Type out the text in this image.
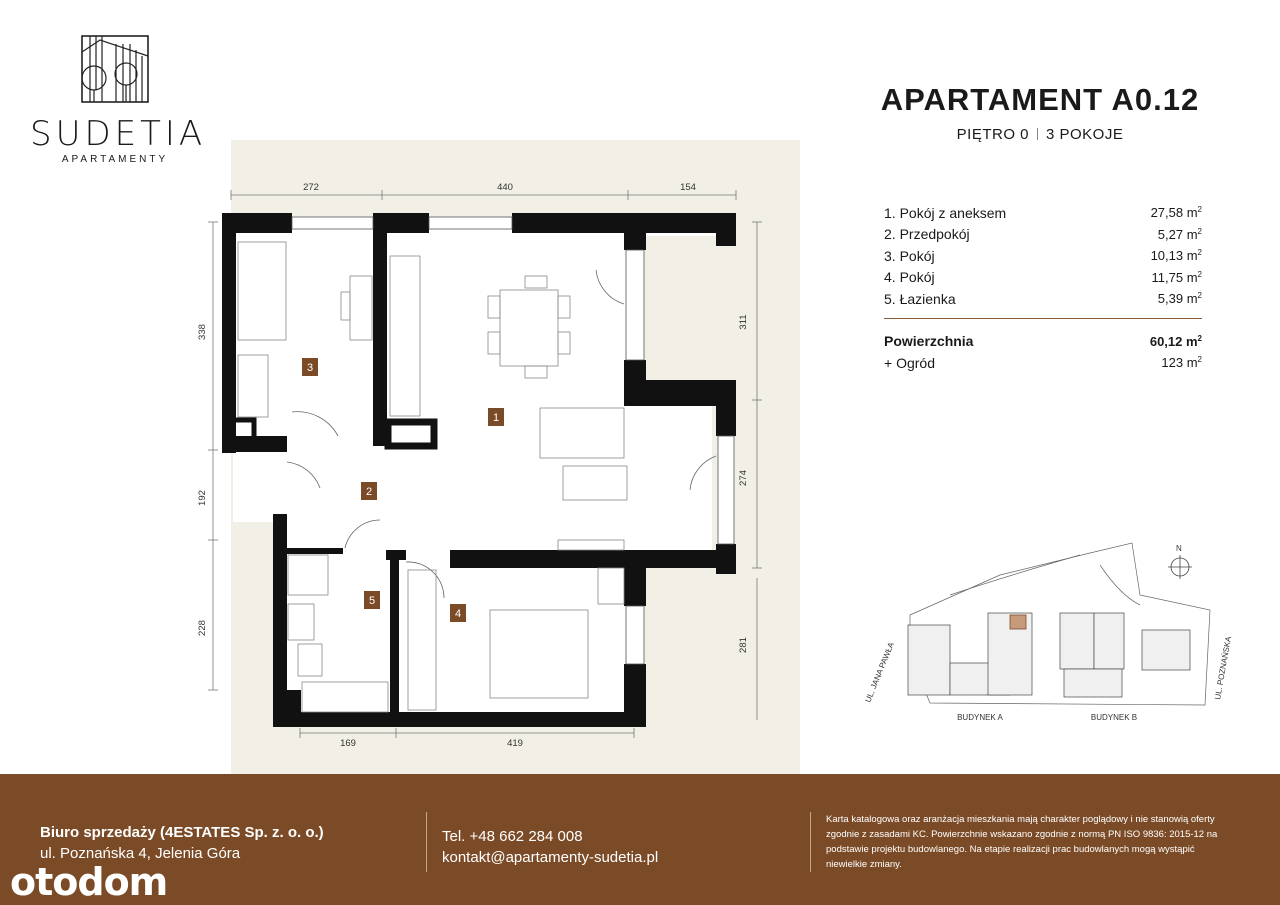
SUDETIA
APARTAMENTY
272	440	154
338
192
228
311
274
281
169	419
1
2
3
4
5
APARTAMENT A0.12
PIĘTRO 0 3 POKOJE
1. Pokój z aneksem	27,58 $m^2$
2. Przedpokój	5,27 $m^2$
3. Pokój	10,13 $m^2$
4. Pokój	11,75 $m^2$
5. Łazienka	5,39 $m^2$
Powierzchnia	60,12 $m^2$
+ Ogród	123 $m^2$
N
UL. JANA PAWŁA	UL. POZNAŃSKA
BUDYNEK A	BUDYNEK B
Biuro sprzedaży (4ESTATES Sp. z. o. o.)
ul. Poznańska 4, Jelenia Góra
Tel. +48 662 284 008
kontakt@apartamenty-sudetia.pl
Karta katalogowa oraz aranżacja mieszkania mają charakter poglądowy i nie stanowią oferty zgodnie z zasadami KC. Powierzchnie wskazano zgodnie z normą PN ISO 9836: 2015-12 na podstawie projektu budowlanego. Na etapie realizacji prac budowlanych mogą wystąpić niewielkie zmiany.
otodom
